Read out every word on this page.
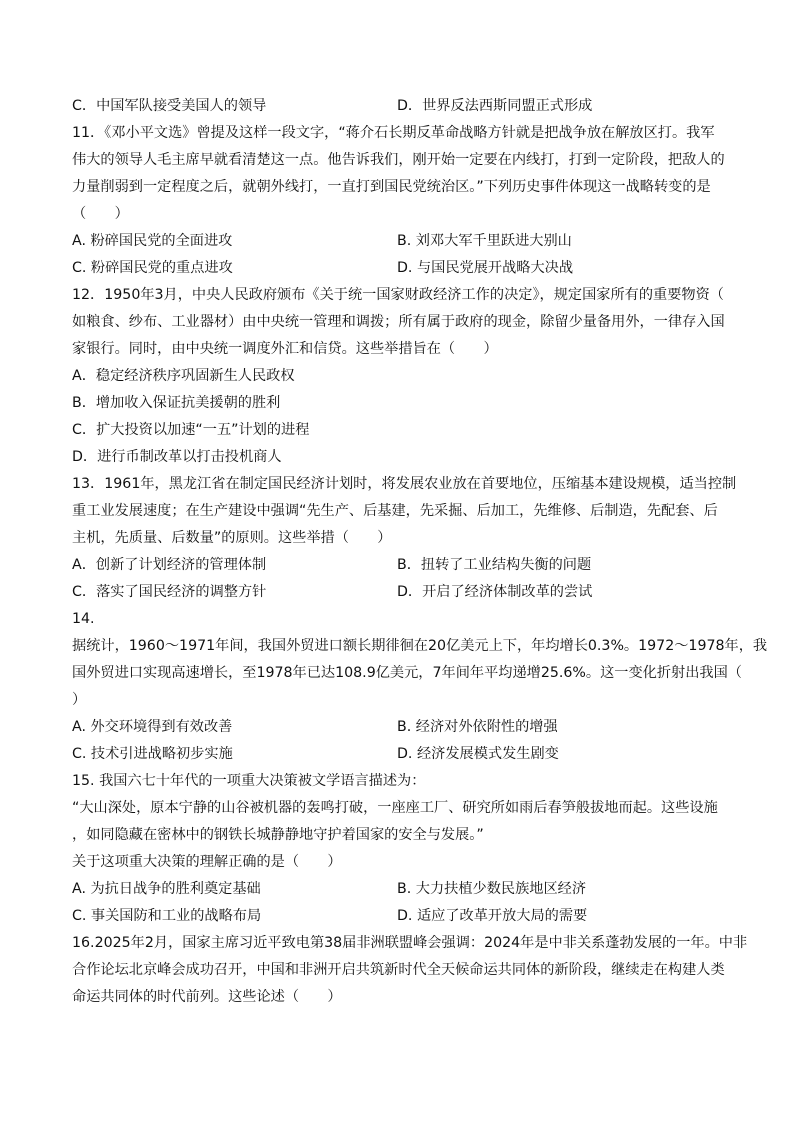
C．中国军队接受美国人的领导	D．世界反法西斯同盟正式形成
11．《邓小平文选》曾提及这样一段文字，“蒋介石长期反革命战略方针就是把战争放在解放区打。我军
伟大的领导人毛主席早就看清楚这一点。他告诉我们，刚开始一定要在内线打，打到一定阶段，把敌人的
力量削弱到一定程度之后，就朝外线打，一直打到国民党统治区。”下列历史事件体现这一战略转变的是
（　　）
A. 粉碎国民党的全面进攻	B. 刘邓大军千里跃进大别山
C. 粉碎国民党的重点进攻	D. 与国民党展开战略大决战
12．1950年3月，中央人民政府颁布《关于统一国家财政经济工作的决定》，规定国家所有的重要物资（
如粮食、纱布、工业器材）由中央统一管理和调拨；所有属于政府的现金，除留少量备用外，一律存入国
家银行。同时，由中央统一调度外汇和信贷。这些举措旨在（　　）
A．稳定经济秩序巩固新生人民政权
B．增加收入保证抗美援朝的胜利
C．扩大投资以加速“一五”计划的进程
D．进行币制改革以打击投机商人
13．1961年，黑龙江省在制定国民经济计划时，将发展农业放在首要地位，压缩基本建设规模，适当控制
重工业发展速度；在生产建设中强调“先生产、后基建，先采掘、后加工，先维修、后制造，先配套、后
主机，先质量、后数量”的原则。这些举措（　　）
A．创新了计划经济的管理体制	B．扭转了工业结构失衡的问题
C．落实了国民经济的调整方针	D．开启了经济体制改革的尝试
14.
据统计，1960～1971年间，我国外贸进口额长期徘徊在20亿美元上下，年均增长0.3%。1972～1978年，我
国外贸进口实现高速增长，至1978年已达108.9亿美元，7年间年平均递增25.6%。这一变化折射出我国（
）
A. 外交环境得到有效改善	B. 经济对外依附性的增强
C. 技术引进战略初步实施	D. 经济发展模式发生剧变
15. 我国六七十年代的一项重大决策被文学语言描述为：
“大山深处，原本宁静的山谷被机器的轰鸣打破，一座座工厂、研究所如雨后春笋般拔地而起。这些设施
，如同隐藏在密林中的钢铁长城静静地守护着国家的安全与发展。”
关于这项重大决策的理解正确的是（　　）
A. 为抗日战争的胜利奠定基础	B. 大力扶植少数民族地区经济
C. 事关国防和工业的战略布局	D. 适应了改革开放大局的需要
16.2025年2月，国家主席习近平致电第38届非洲联盟峰会强调：2024年是中非关系蓬勃发展的一年。中非
合作论坛北京峰会成功召开，中国和非洲开启共筑新时代全天候命运共同体的新阶段，继续走在构建人类
命运共同体的时代前列。这些论述（　　）
